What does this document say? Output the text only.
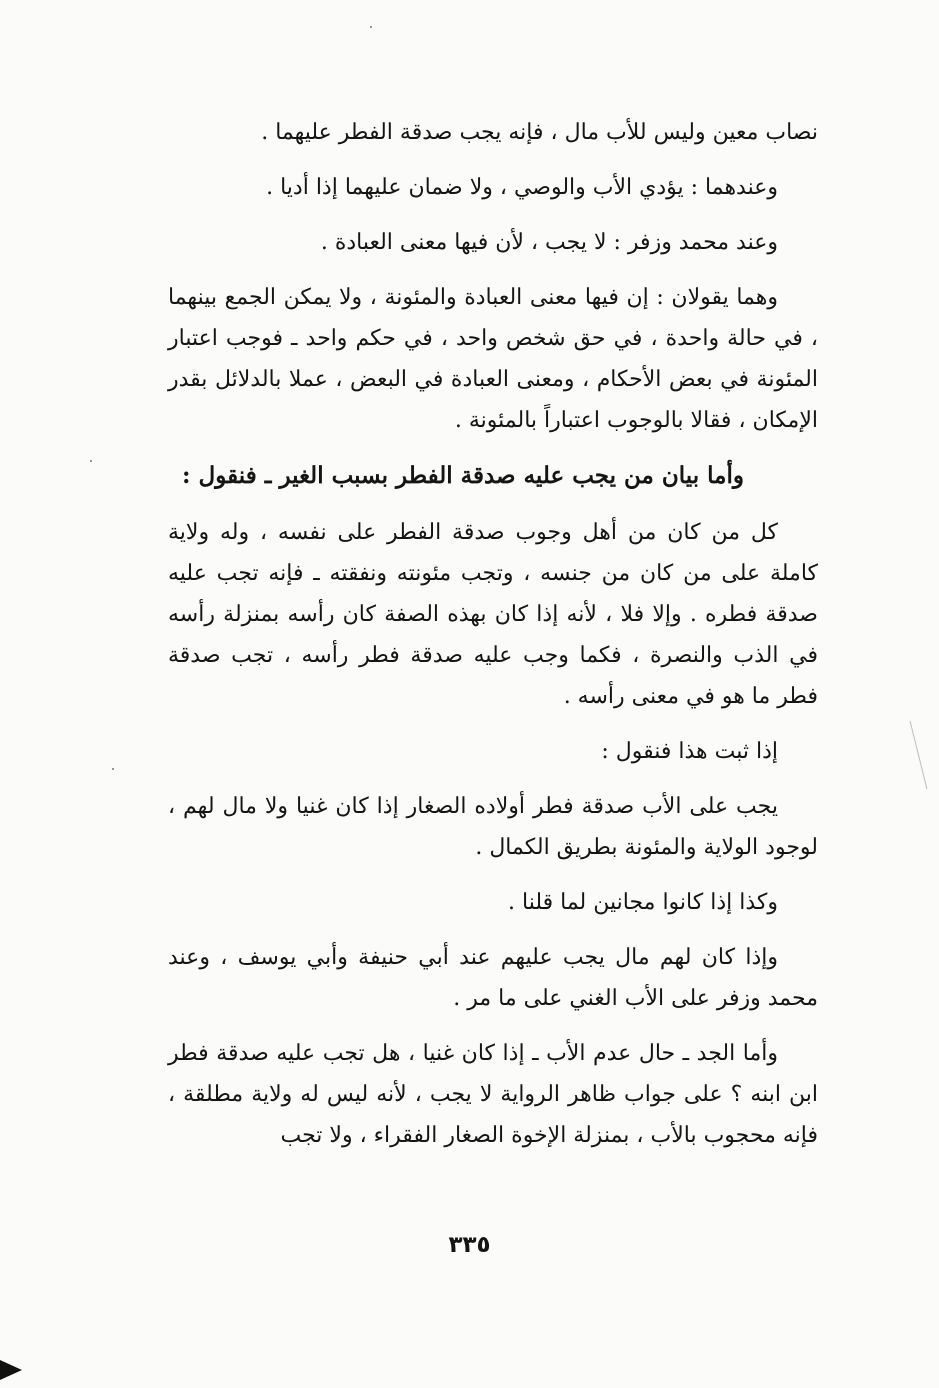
نصاب معين وليس للأب مال ، فإنه يجب صدقة الفطر عليهما .

وعندهما : يؤدي الأب والوصي ، ولا ضمان عليهما إذا أديا .

وعند محمد وزفر : لا يجب ، لأن فيها معنى العبادة .

وهما يقولان : إن فيها معنى العبادة والمئونة ، ولا يمكن الجمع بينهما ، في حالة واحدة ، في حق شخص واحد ، في حكم واحد ـ فوجب اعتبار المئونة في بعض الأحكام ، ومعنى العبادة في البعض ، عملا بالدلائل بقدر الإمكان ، فقالا بالوجوب اعتباراً بالمئونة .

وأما بيان من يجب عليه صدقة الفطر بسبب الغير ـ فنقول :

كل من كان من أهل وجوب صدقة الفطر على نفسه ، وله ولاية كاملة على من كان من جنسه ، وتجب مئونته ونفقته ـ فإنه تجب عليه صدقة فطره . وإلا فلا ، لأنه إذا كان بهذه الصفة كان رأسه بمنزلة رأسه في الذب والنصرة ، فكما وجب عليه صدقة فطر رأسه ، تجب صدقة فطر ما هو في معنى رأسه .

إذا ثبت هذا فنقول :

يجب على الأب صدقة فطر أولاده الصغار إذا كان غنيا ولا مال لهم ، لوجود الولاية والمئونة بطريق الكمال .

وكذا إذا كانوا مجانين لما قلنا .

وإذا كان لهم مال يجب عليهم عند أبي حنيفة وأبي يوسف ، وعند محمد وزفر على الأب الغني على ما مر .

وأما الجد ـ حال عدم الأب ـ إذا كان غنيا ، هل تجب عليه صدقة فطر ابن ابنه ؟ على جواب ظاهر الرواية لا يجب ، لأنه ليس له ولاية مطلقة ، فإنه محجوب بالأب ، بمنزلة الإخوة الصغار الفقراء ، ولا تجب

٣٣٥
